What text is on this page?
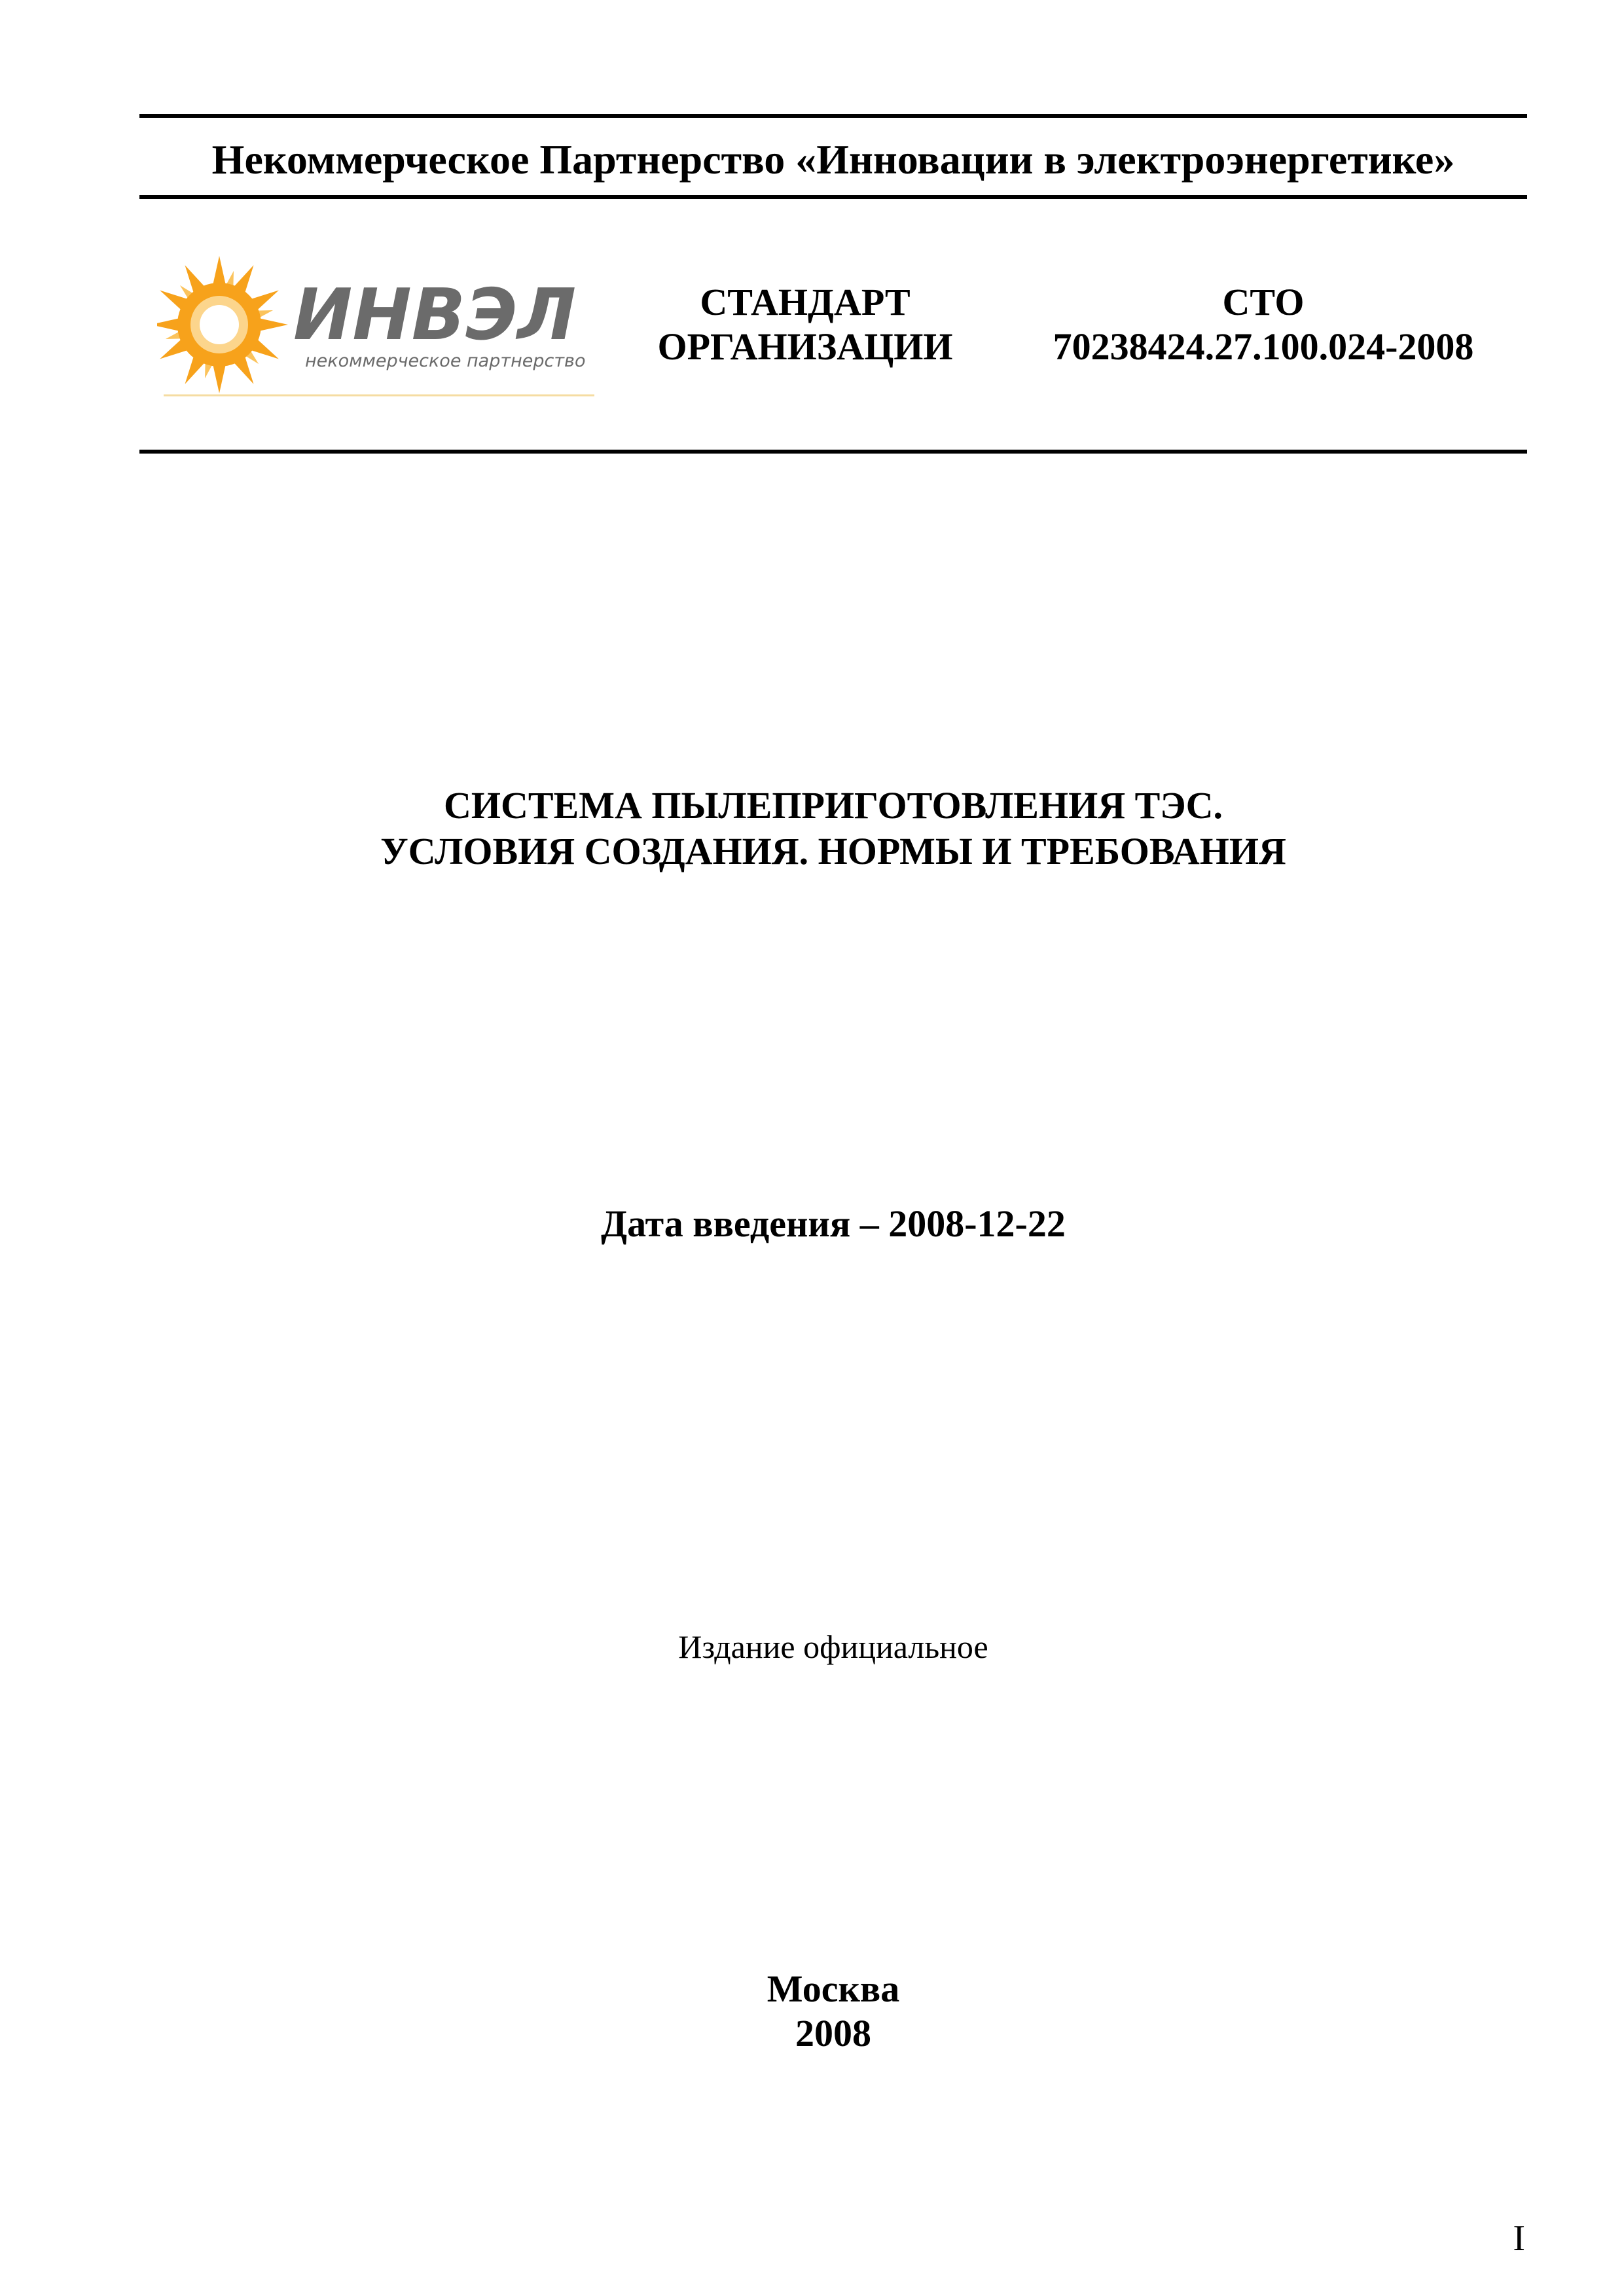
Некоммерческое Партнерство «Инновации в электроэнергетике»
ИНВЭЛ
некоммерческое партнерство
СТАНДАРТ
ОРГАНИЗАЦИИ
СТО
70238424.27.100.024-2008
СИСТЕМА ПЫЛЕПРИГОТОВЛЕНИЯ ТЭС.
УСЛОВИЯ СОЗДАНИЯ. НОРМЫ И ТРЕБОВАНИЯ
Дата введения – 2008-12-22
Издание официальное
Москва
2008
I
